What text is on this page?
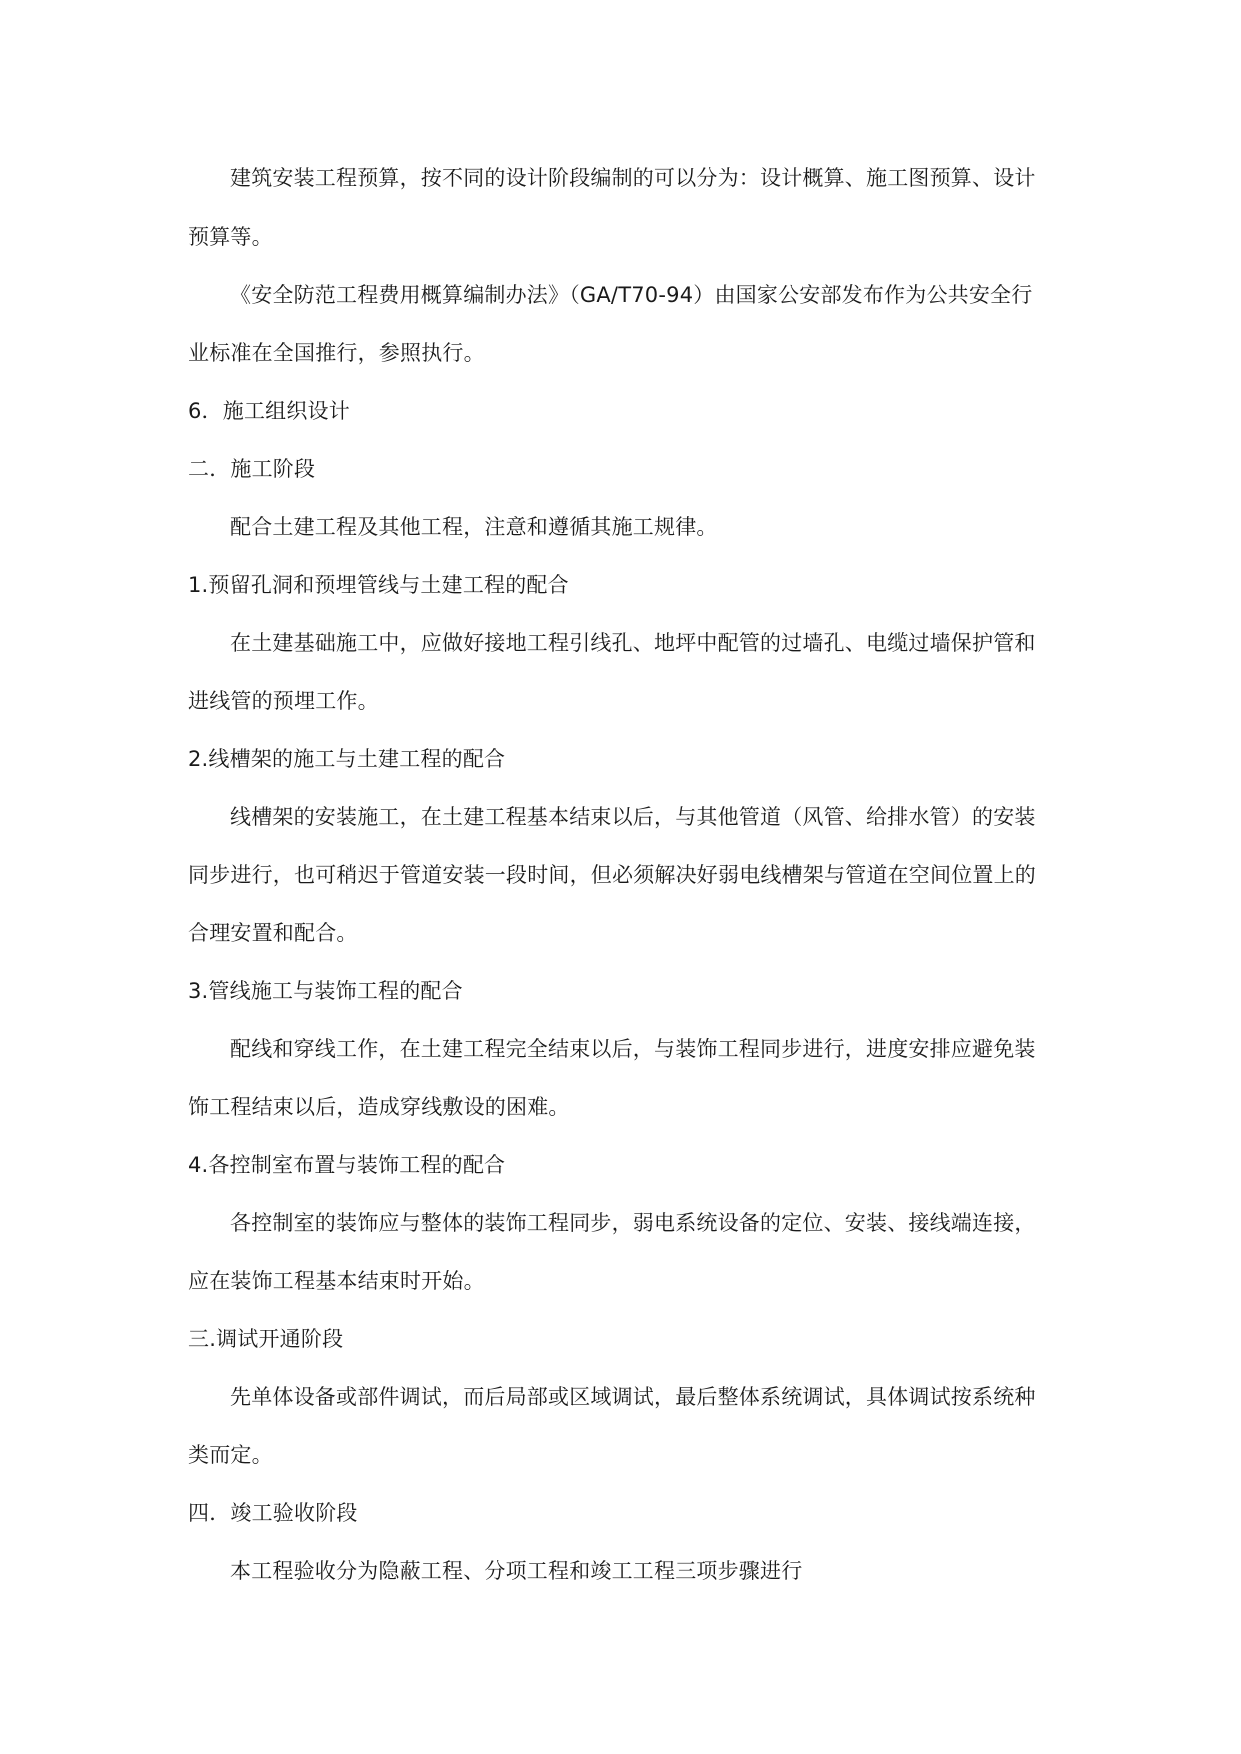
建筑安装工程预算，按不同的设计阶段编制的可以分为：设计概算、施工图预算、设计
预算等。
《安全防范工程费用概算编制办法》（GA/T70-94）由国家公安部发布作为公共安全行
业标准在全国推行，参照执行。
6．施工组织设计
二．施工阶段
配合土建工程及其他工程，注意和遵循其施工规律。
1.预留孔洞和预埋管线与土建工程的配合
在土建基础施工中，应做好接地工程引线孔、地坪中配管的过墙孔、电缆过墙保护管和
进线管的预埋工作。
2.线槽架的施工与土建工程的配合
线槽架的安装施工，在土建工程基本结束以后，与其他管道（风管、给排水管）的安装
同步进行，也可稍迟于管道安装一段时间，但必须解决好弱电线槽架与管道在空间位置上的
合理安置和配合。
3.管线施工与装饰工程的配合
配线和穿线工作，在土建工程完全结束以后，与装饰工程同步进行，进度安排应避免装
饰工程结束以后，造成穿线敷设的困难。
4.各控制室布置与装饰工程的配合
各控制室的装饰应与整体的装饰工程同步，弱电系统设备的定位、安装、接线端连接，
应在装饰工程基本结束时开始。
三.调试开通阶段
先单体设备或部件调试，而后局部或区域调试，最后整体系统调试，具体调试按系统种
类而定。
四．竣工验收阶段
本工程验收分为隐蔽工程、分项工程和竣工工程三项步骤进行
